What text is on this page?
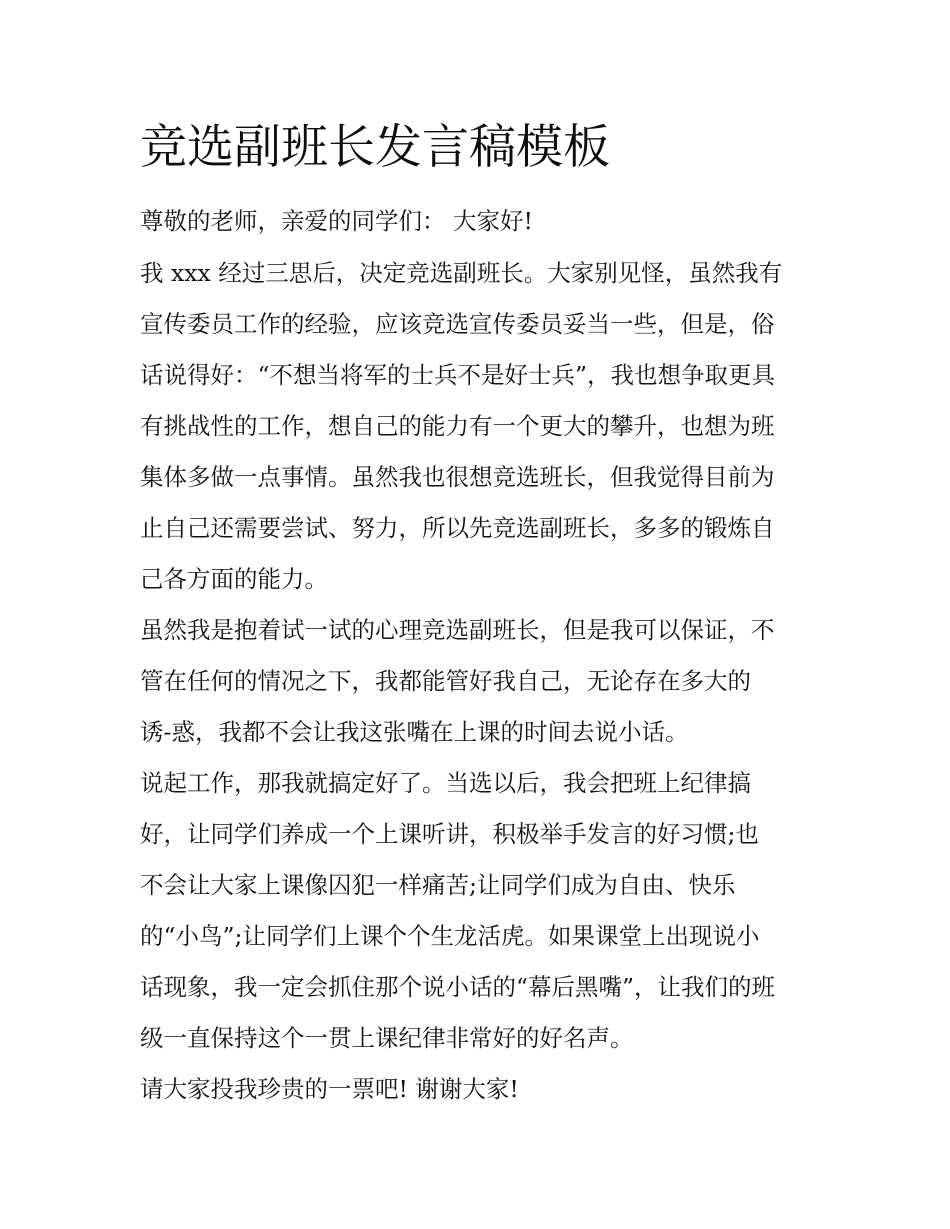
竞选副班长发言稿模板

尊敬的老师，亲爱的同学们： 大家好!

我 xxx 经过三思后，决定竞选副班长。大家别见怪，虽然我有

宣传委员工作的经验，应该竞选宣传委员妥当一些，但是，俗

话说得好：“不想当将军的士兵不是好士兵”，我也想争取更具

有挑战性的工作，想自己的能力有一个更大的攀升，也想为班

集体多做一点事情。虽然我也很想竞选班长，但我觉得目前为

止自己还需要尝试、努力，所以先竞选副班长，多多的锻炼自

己各方面的能力。

虽然我是抱着试一试的心理竞选副班长，但是我可以保证，不

管在任何的情况之下，我都能管好我自己，无论存在多大的

诱-惑，我都不会让我这张嘴在上课的时间去说小话。

说起工作，那我就搞定好了。当选以后，我会把班上纪律搞

好，让同学们养成一个上课听讲，积极举手发言的好习惯;也

不会让大家上课像囚犯一样痛苦;让同学们成为自由、快乐

的“小鸟”;让同学们上课个个生龙活虎。如果课堂上出现说小

话现象，我一定会抓住那个说小话的“幕后黑嘴”，让我们的班

级一直保持这个一贯上课纪律非常好的好名声。

请大家投我珍贵的一票吧! 谢谢大家!
